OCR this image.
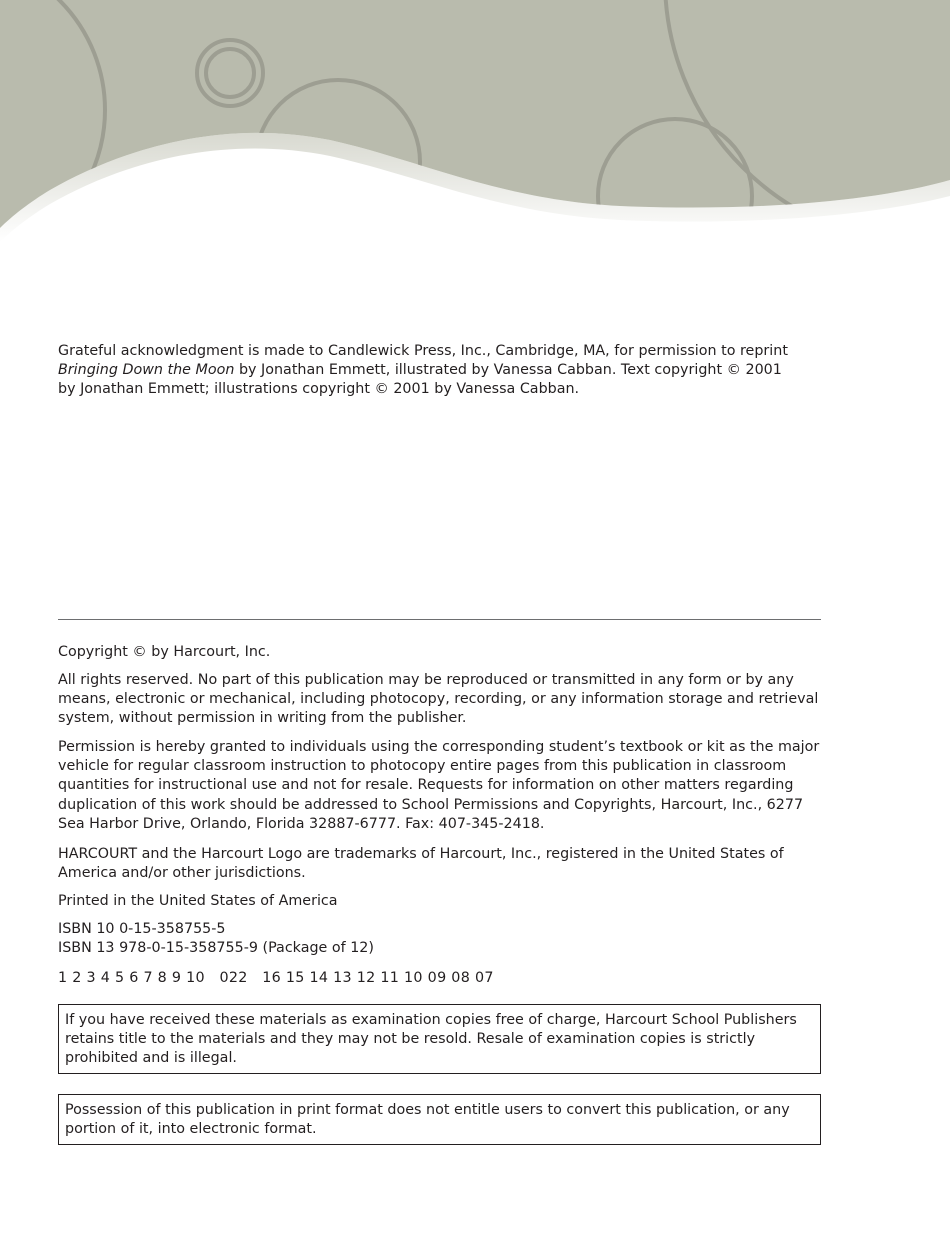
Grateful acknowledgment is made to Candlewick Press, Inc., Cambridge, MA, for permission to reprint
Bringing Down the Moon by Jonathan Emmett, illustrated by Vanessa Cabban. Text copyright © 2001
by Jonathan Emmett; illustrations copyright © 2001 by Vanessa Cabban.

Copyright © by Harcourt, Inc.

All rights reserved. No part of this publication may be reproduced or transmitted in any form or by any means, electronic or mechanical, including photocopy, recording, or any information storage and retrieval system, without permission in writing from the publisher.

Permission is hereby granted to individuals using the corresponding student’s textbook or kit as the major vehicle for regular classroom instruction to photocopy entire pages from this publication in classroom quantities for instructional use and not for resale. Requests for information on other matters regarding duplication of this work should be addressed to School Permissions and Copyrights, Harcourt, Inc., 6277 Sea Harbor Drive, Orlando, Florida 32887-6777. Fax: 407-345-2418.

HARCOURT and the Harcourt Logo are trademarks of Harcourt, Inc., registered in the United States of America and/or other jurisdictions.

Printed in the United States of America

ISBN 10 0-15-358755-5
ISBN 13 978-0-15-358755-9 (Package of 12)

1 2 3 4 5 6 7 8 9 10   022   16 15 14 13 12 11 10 09 08 07

If you have received these materials as examination copies free of charge, Harcourt School Publishers retains title to the materials and they may not be resold. Resale of examination copies is strictly prohibited and is illegal.

Possession of this publication in print format does not entitle users to convert this publication, or any portion of it, into electronic format.
